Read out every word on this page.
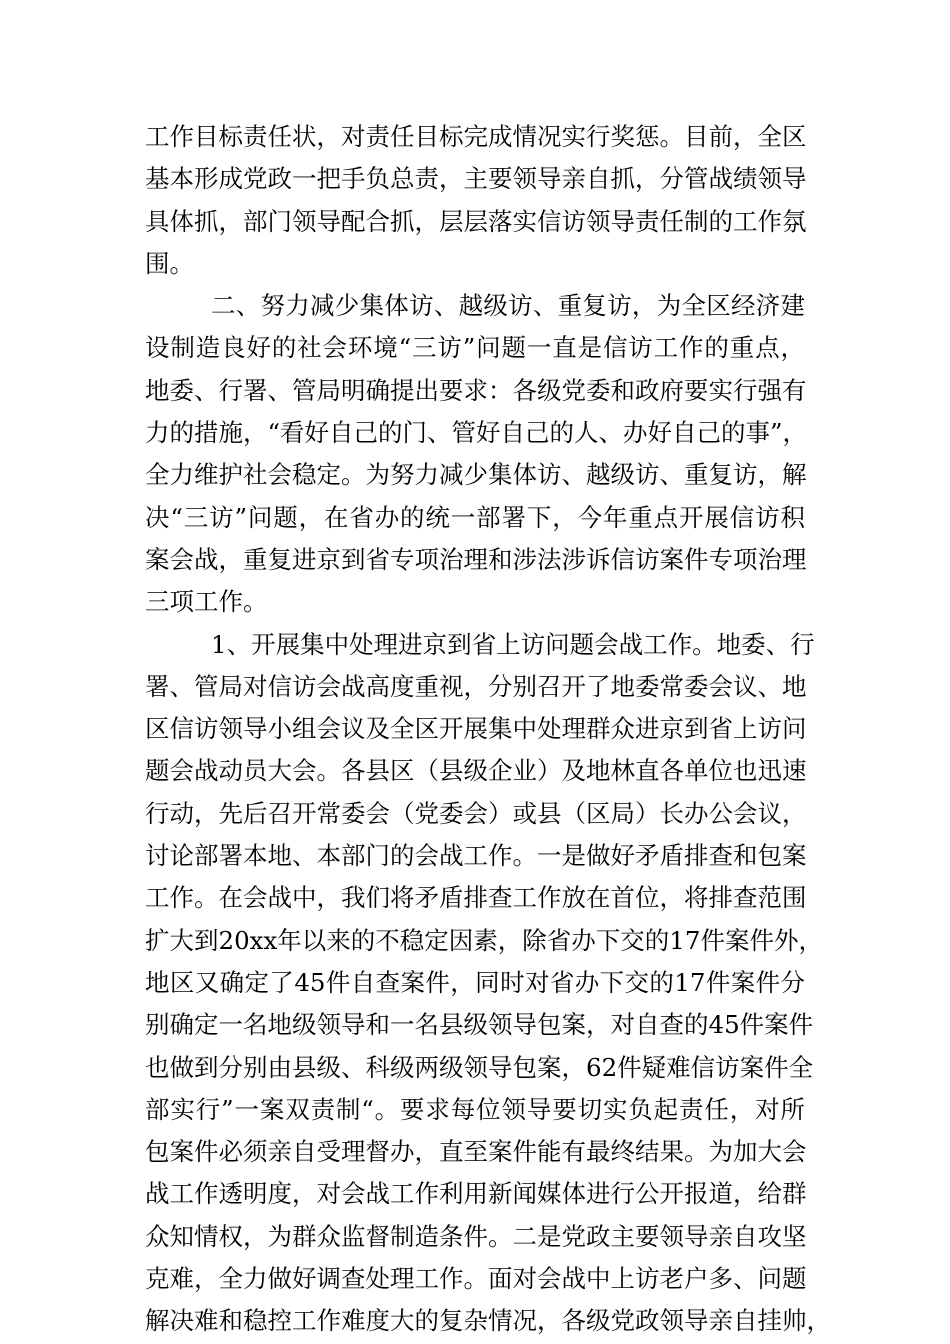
工作目标责任状，对责任目标完成情况实行奖惩。目前，全区
基本形成党政一把手负总责，主要领导亲自抓，分管战绩领导
具体抓，部门领导配合抓，层层落实信访领导责任制的工作氛
围。
二、努力减少集体访、越级访、重复访，为全区经济建
设制造良好的社会环境“三访”问题一直是信访工作的重点，
地委、行署、管局明确提出要求：各级党委和政府要实行强有
力的措施，“看好自己的门、管好自己的人、办好自己的事”，
全力维护社会稳定。为努力减少集体访、越级访、重复访，解
决“三访”问题，在省办的统一部署下，今年重点开展信访积
案会战，重复进京到省专项治理和涉法涉诉信访案件专项治理
三项工作。
1、开展集中处理进京到省上访问题会战工作。地委、行
署、管局对信访会战高度重视，分别召开了地委常委会议、地
区信访领导小组会议及全区开展集中处理群众进京到省上访问
题会战动员大会。各县区（县级企业）及地林直各单位也迅速
行动，先后召开常委会（党委会）或县（区局）长办公会议，
讨论部署本地、本部门的会战工作。一是做好矛盾排查和包案
工作。在会战中，我们将矛盾排查工作放在首位，将排查范围
扩大到20xx年以来的不稳定因素，除省办下交的17件案件外，
地区又确定了45件自查案件，同时对省办下交的17件案件分
别确定一名地级领导和一名县级领导包案，对自查的45件案件
也做到分别由县级、科级两级领导包案，62件疑难信访案件全
部实行”一案双责制“。要求每位领导要切实负起责任，对所
包案件必须亲自受理督办，直至案件能有最终结果。为加大会
战工作透明度，对会战工作利用新闻媒体进行公开报道，给群
众知情权，为群众监督制造条件。二是党政主要领导亲自攻坚
克难，全力做好调查处理工作。面对会战中上访老户多、问题
解决难和稳控工作难度大的复杂情况，各级党政领导亲自挂帅，
